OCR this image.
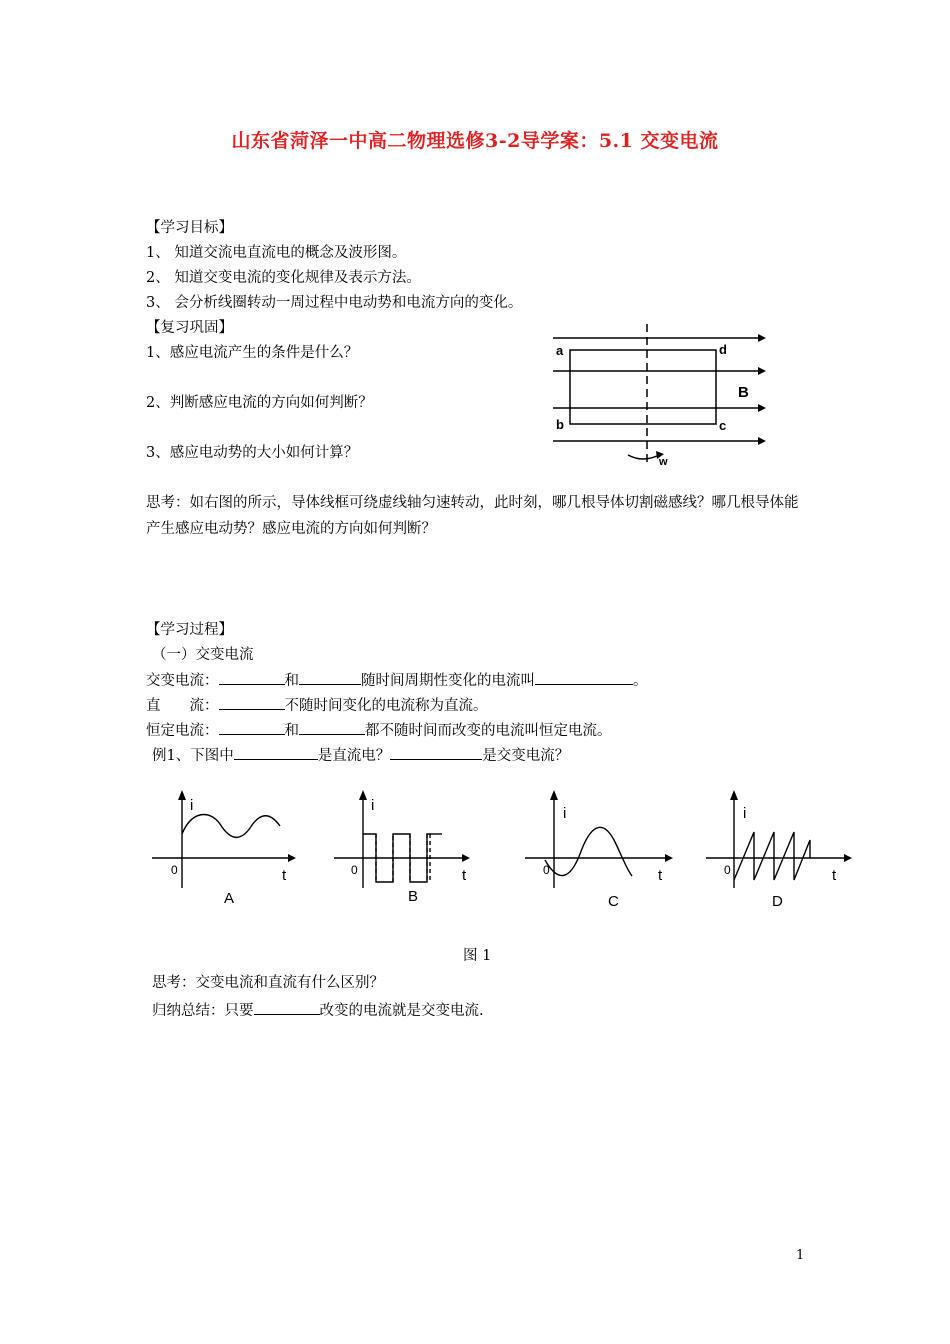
山东省菏泽一中高二物理选修3-2导学案：5.1 交变电流
【学习目标】
1、 知道交流电直流电的概念及波形图。
2、 知道交变电流的变化规律及表示方法。
3、 会分析线圈转动一周过程中电动势和电流方向的变化。
【复习巩固】
1、感应电流产生的条件是什么？
2、判断感应电流的方向如何判断？
3、感应电动势的大小如何计算？
a	d
b	c
B
w
思考：如右图的所示，导体线框可绕虚线轴匀速转动，此时刻，哪几根导体切割磁感线？哪几根导体能产生感应电动势？感应电流的方向如何判断？
【学习过程】
（一）交变电流
交变电流：	和	随时间周期性变化的电流叫	。
直　　流：	不随时间变化的电流称为直流。
恒定电流：	和	都不随时间而改变的电流叫恒定电流。
例1、下图中	是直流电？	是交变电流？
i
0	t
A
i
0	t
B
i
0	t
C
i
0	t
D
图 1
思考：交变电流和直流有什么区别？
归纳总结：只要	改变的电流就是交变电流.
1
